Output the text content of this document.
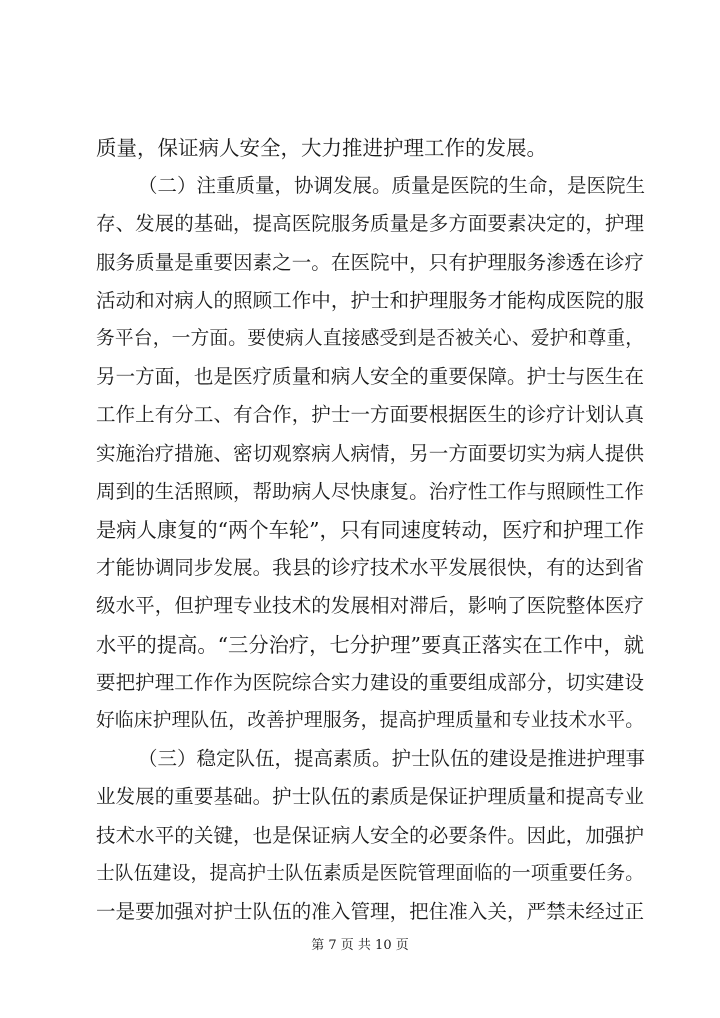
质量，保证病人安全，大力推进护理工作的发展。
（二）注重质量，协调发展。质量是医院的生命，是医院生
存、发展的基础，提高医院服务质量是多方面要素决定的，护理
服务质量是重要因素之一。在医院中，只有护理服务渗透在诊疗
活动和对病人的照顾工作中，护士和护理服务才能构成医院的服
务平台，一方面。要使病人直接感受到是否被关心、爱护和尊重，
另一方面，也是医疗质量和病人安全的重要保障。护士与医生在
工作上有分工、有合作，护士一方面要根据医生的诊疗计划认真
实施治疗措施、密切观察病人病情，另一方面要切实为病人提供
周到的生活照顾，帮助病人尽快康复。治疗性工作与照顾性工作
是病人康复的“两个车轮”，只有同速度转动，医疗和护理工作
才能协调同步发展。我县的诊疗技术水平发展很快，有的达到省
级水平，但护理专业技术的发展相对滞后，影响了医院整体医疗
水平的提高。“三分治疗，七分护理”要真正落实在工作中，就
要把护理工作作为医院综合实力建设的重要组成部分，切实建设
好临床护理队伍，改善护理服务，提高护理质量和专业技术水平。
（三）稳定队伍，提高素质。护士队伍的建设是推进护理事
业发展的重要基础。护士队伍的素质是保证护理质量和提高专业
技术水平的关键，也是保证病人安全的必要条件。因此，加强护
士队伍建设，提高护士队伍素质是医院管理面临的一项重要任务。
一是要加强对护士队伍的准入管理，把住准入关，严禁未经过正
第 7 页 共 10 页
